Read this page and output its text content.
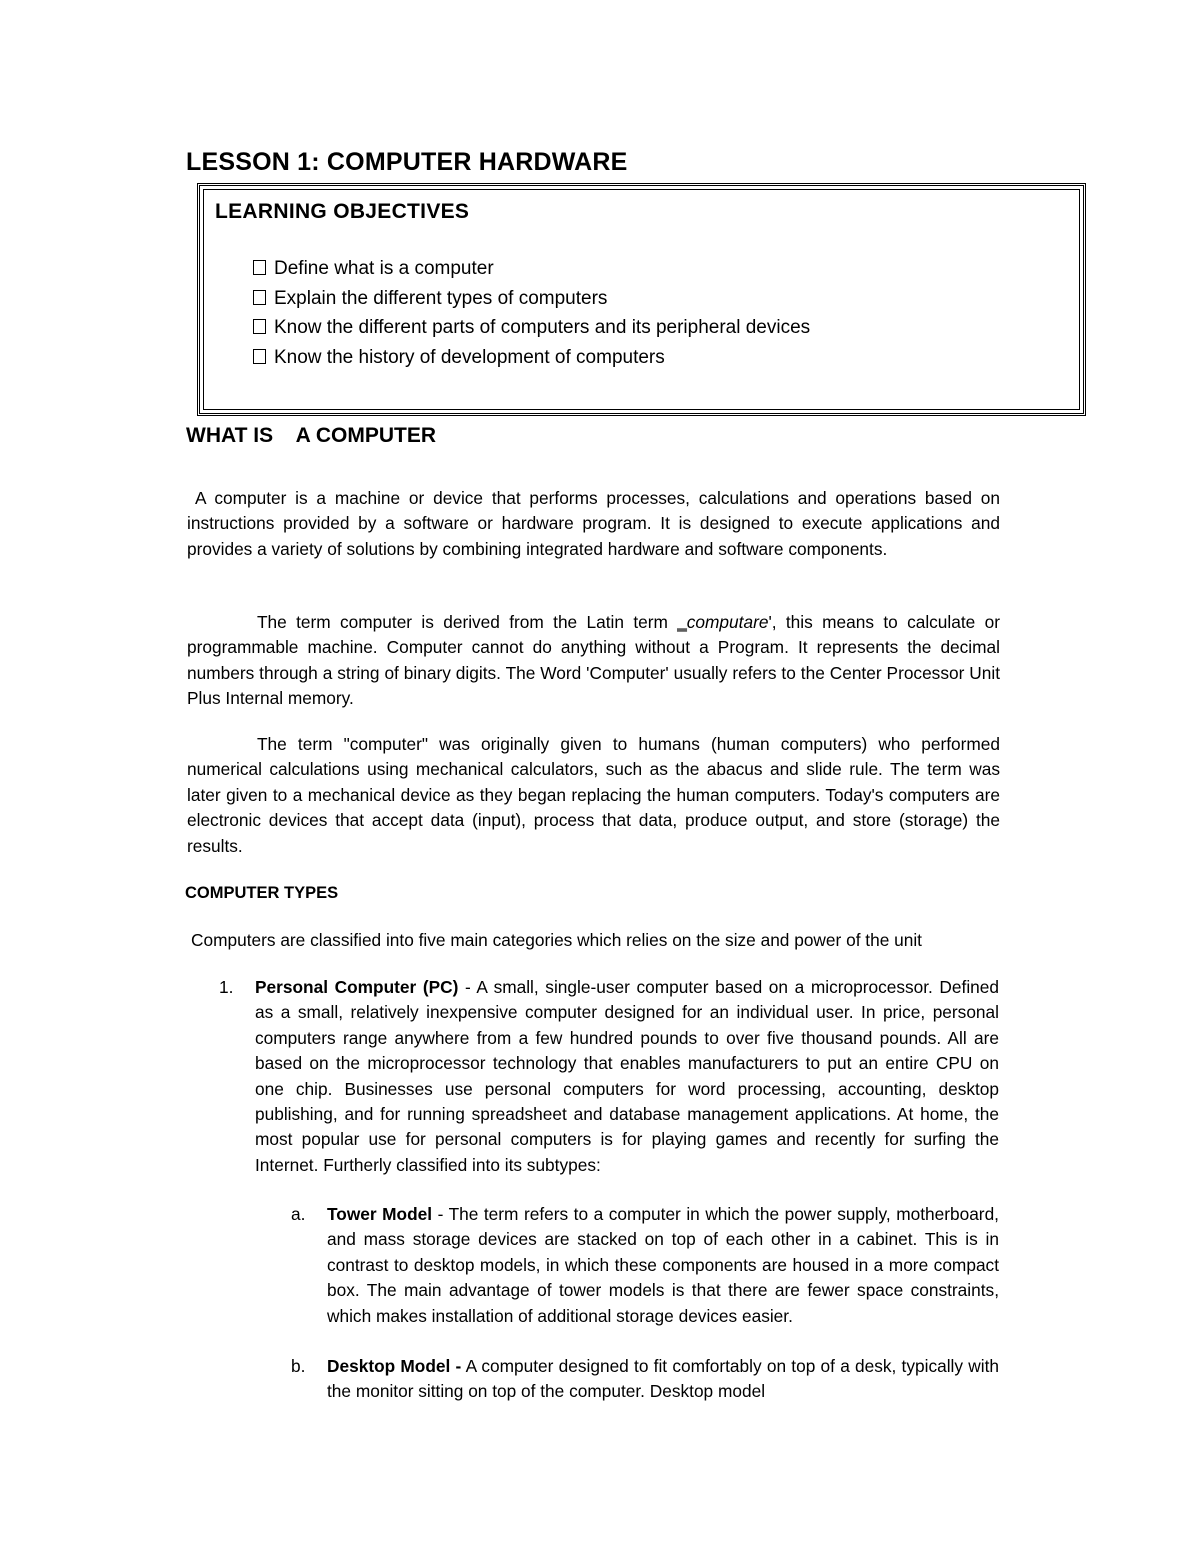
LESSON 1: COMPUTER HARDWARE
LEARNING OBJECTIVES
Define what is a computer
Explain the different types of computers
Know the different parts of computers and its peripheral devices
Know the history of development of computers
WHAT IS    A COMPUTER

A computer is a machine or device that performs processes, calculations and operations based on instructions provided by a software or hardware program. It is designed to execute applications and provides a variety of solutions by combining integrated hardware and software components.

The term computer is derived from the Latin term ‗computare', this means to calculate or programmable machine. Computer cannot do anything without a Program. It represents the decimal numbers through a string of binary digits. The Word 'Computer' usually refers to the Center Processor Unit Plus Internal memory.

The term "computer" was originally given to humans (human computers) who performed numerical calculations using mechanical calculators, such as the abacus and slide rule. The term was later given to a mechanical device as they began replacing the human computers. Today's computers are electronic devices that accept data (input), process that data, produce output, and store (storage) the results.

COMPUTER TYPES

Computers are classified into five main categories which relies on the size and power of the unit

1. Personal Computer (PC) - A small, single-user computer based on a microprocessor. Defined as a small, relatively inexpensive computer designed for an individual user. In price, personal computers range anywhere from a few hundred pounds to over five thousand pounds. All are based on the microprocessor technology that enables manufacturers to put an entire CPU on one chip. Businesses use personal computers for word processing, accounting, desktop publishing, and for running spreadsheet and database management applications. At home, the most popular use for personal computers is for playing games and recently for surfing the Internet. Furtherly classified into its subtypes:

a. Tower Model - The term refers to a computer in which the power supply, motherboard, and mass storage devices are stacked on top of each other in a cabinet. This is in contrast to desktop models, in which these components are housed in a more compact box. The main advantage of tower models is that there are fewer space constraints, which makes installation of additional storage devices easier.

b. Desktop Model - A computer designed to fit comfortably on top of a desk, typically with the monitor sitting on top of the computer. Desktop model
